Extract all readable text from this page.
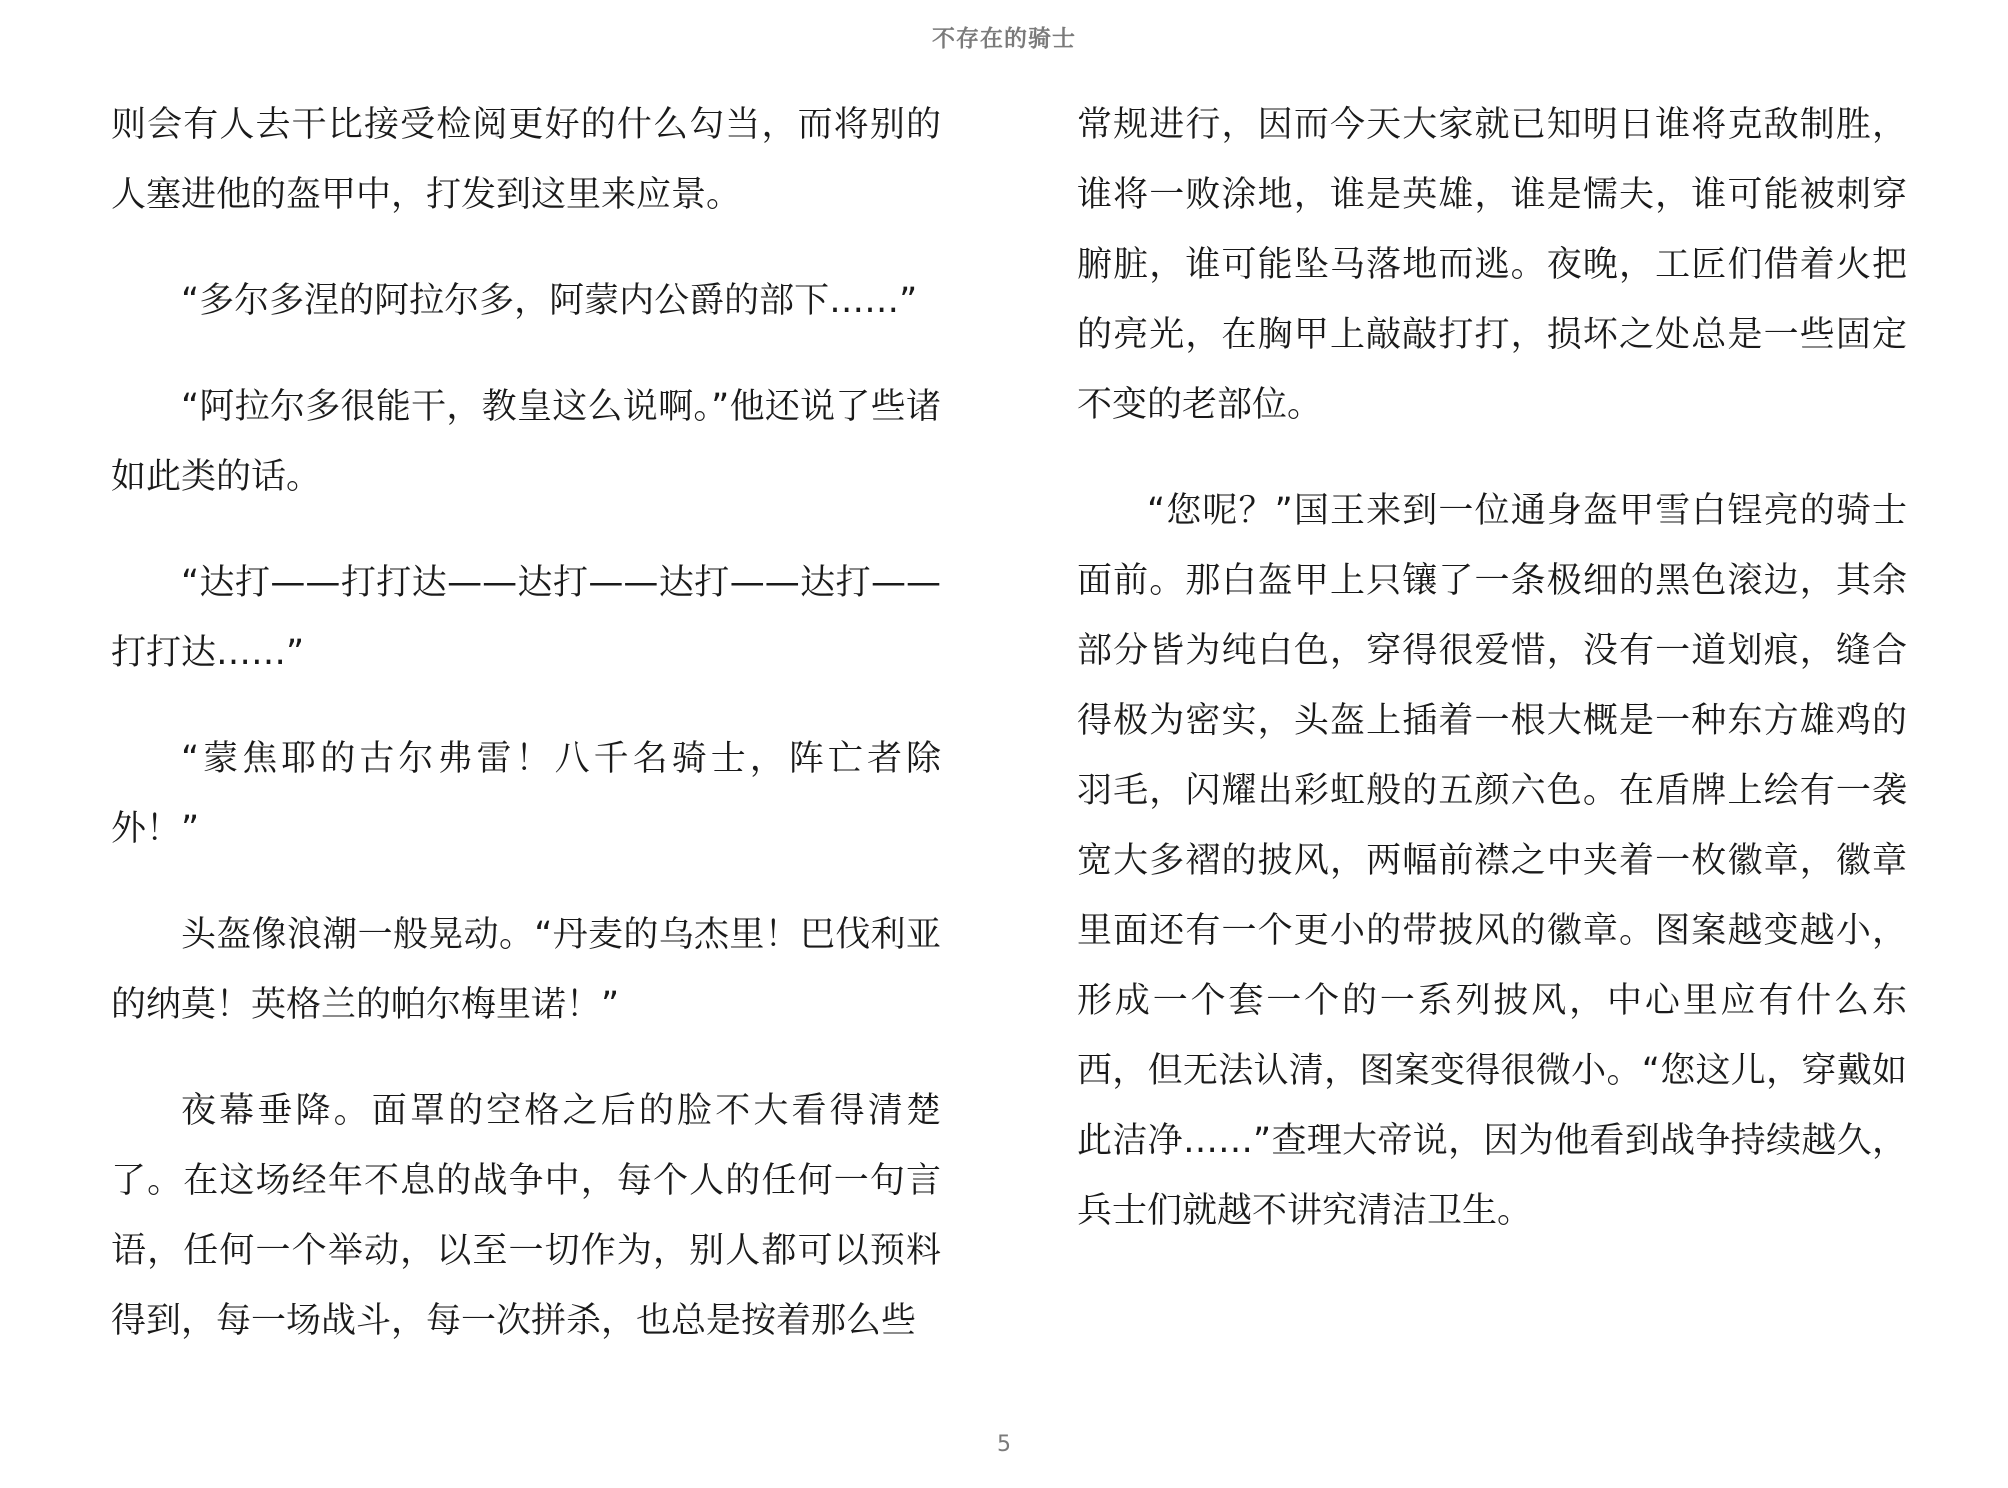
不存在的骑士

则会有人去干比接受检阅更好的什么勾当，而将别的人塞进他的盔甲中，打发到这里来应景。

“多尔多涅的阿拉尔多，阿蒙内公爵的部下……”

“阿拉尔多很能干，教皇这么说啊。”他还说了些诸如此类的话。

“达打——打打达——达打——达打——达打——打打达……”

“蒙焦耶的古尔弗雷！八千名骑士，阵亡者除外！”

头盔像浪潮一般晃动。“丹麦的乌杰里！巴伐利亚的纳莫！英格兰的帕尔梅里诺！”

夜幕垂降。面罩的空格之后的脸不大看得清楚了。在这场经年不息的战争中，每个人的任何一句言语，任何一个举动，以至一切作为，别人都可以预料得到，每一场战斗，每一次拼杀，也总是按着那么些

常规进行，因而今天大家就已知明日谁将克敌制胜，谁将一败涂地，谁是英雄，谁是懦夫，谁可能被刺穿腑脏，谁可能坠马落地而逃。夜晚，工匠们借着火把的亮光，在胸甲上敲敲打打，损坏之处总是一些固定不变的老部位。

“您呢？”国王来到一位通身盔甲雪白锃亮的骑士面前。那白盔甲上只镶了一条极细的黑色滚边，其余部分皆为纯白色，穿得很爱惜，没有一道划痕，缝合得极为密实，头盔上插着一根大概是一种东方雄鸡的羽毛，闪耀出彩虹般的五颜六色。在盾牌上绘有一袭宽大多褶的披风，两幅前襟之中夹着一枚徽章，徽章里面还有一个更小的带披风的徽章。图案越变越小，形成一个套一个的一系列披风，中心里应有什么东西，但无法认清，图案变得很微小。“您这儿，穿戴如此洁净……”查理大帝说，因为他看到战争持续越久，兵士们就越不讲究清洁卫生。

5
